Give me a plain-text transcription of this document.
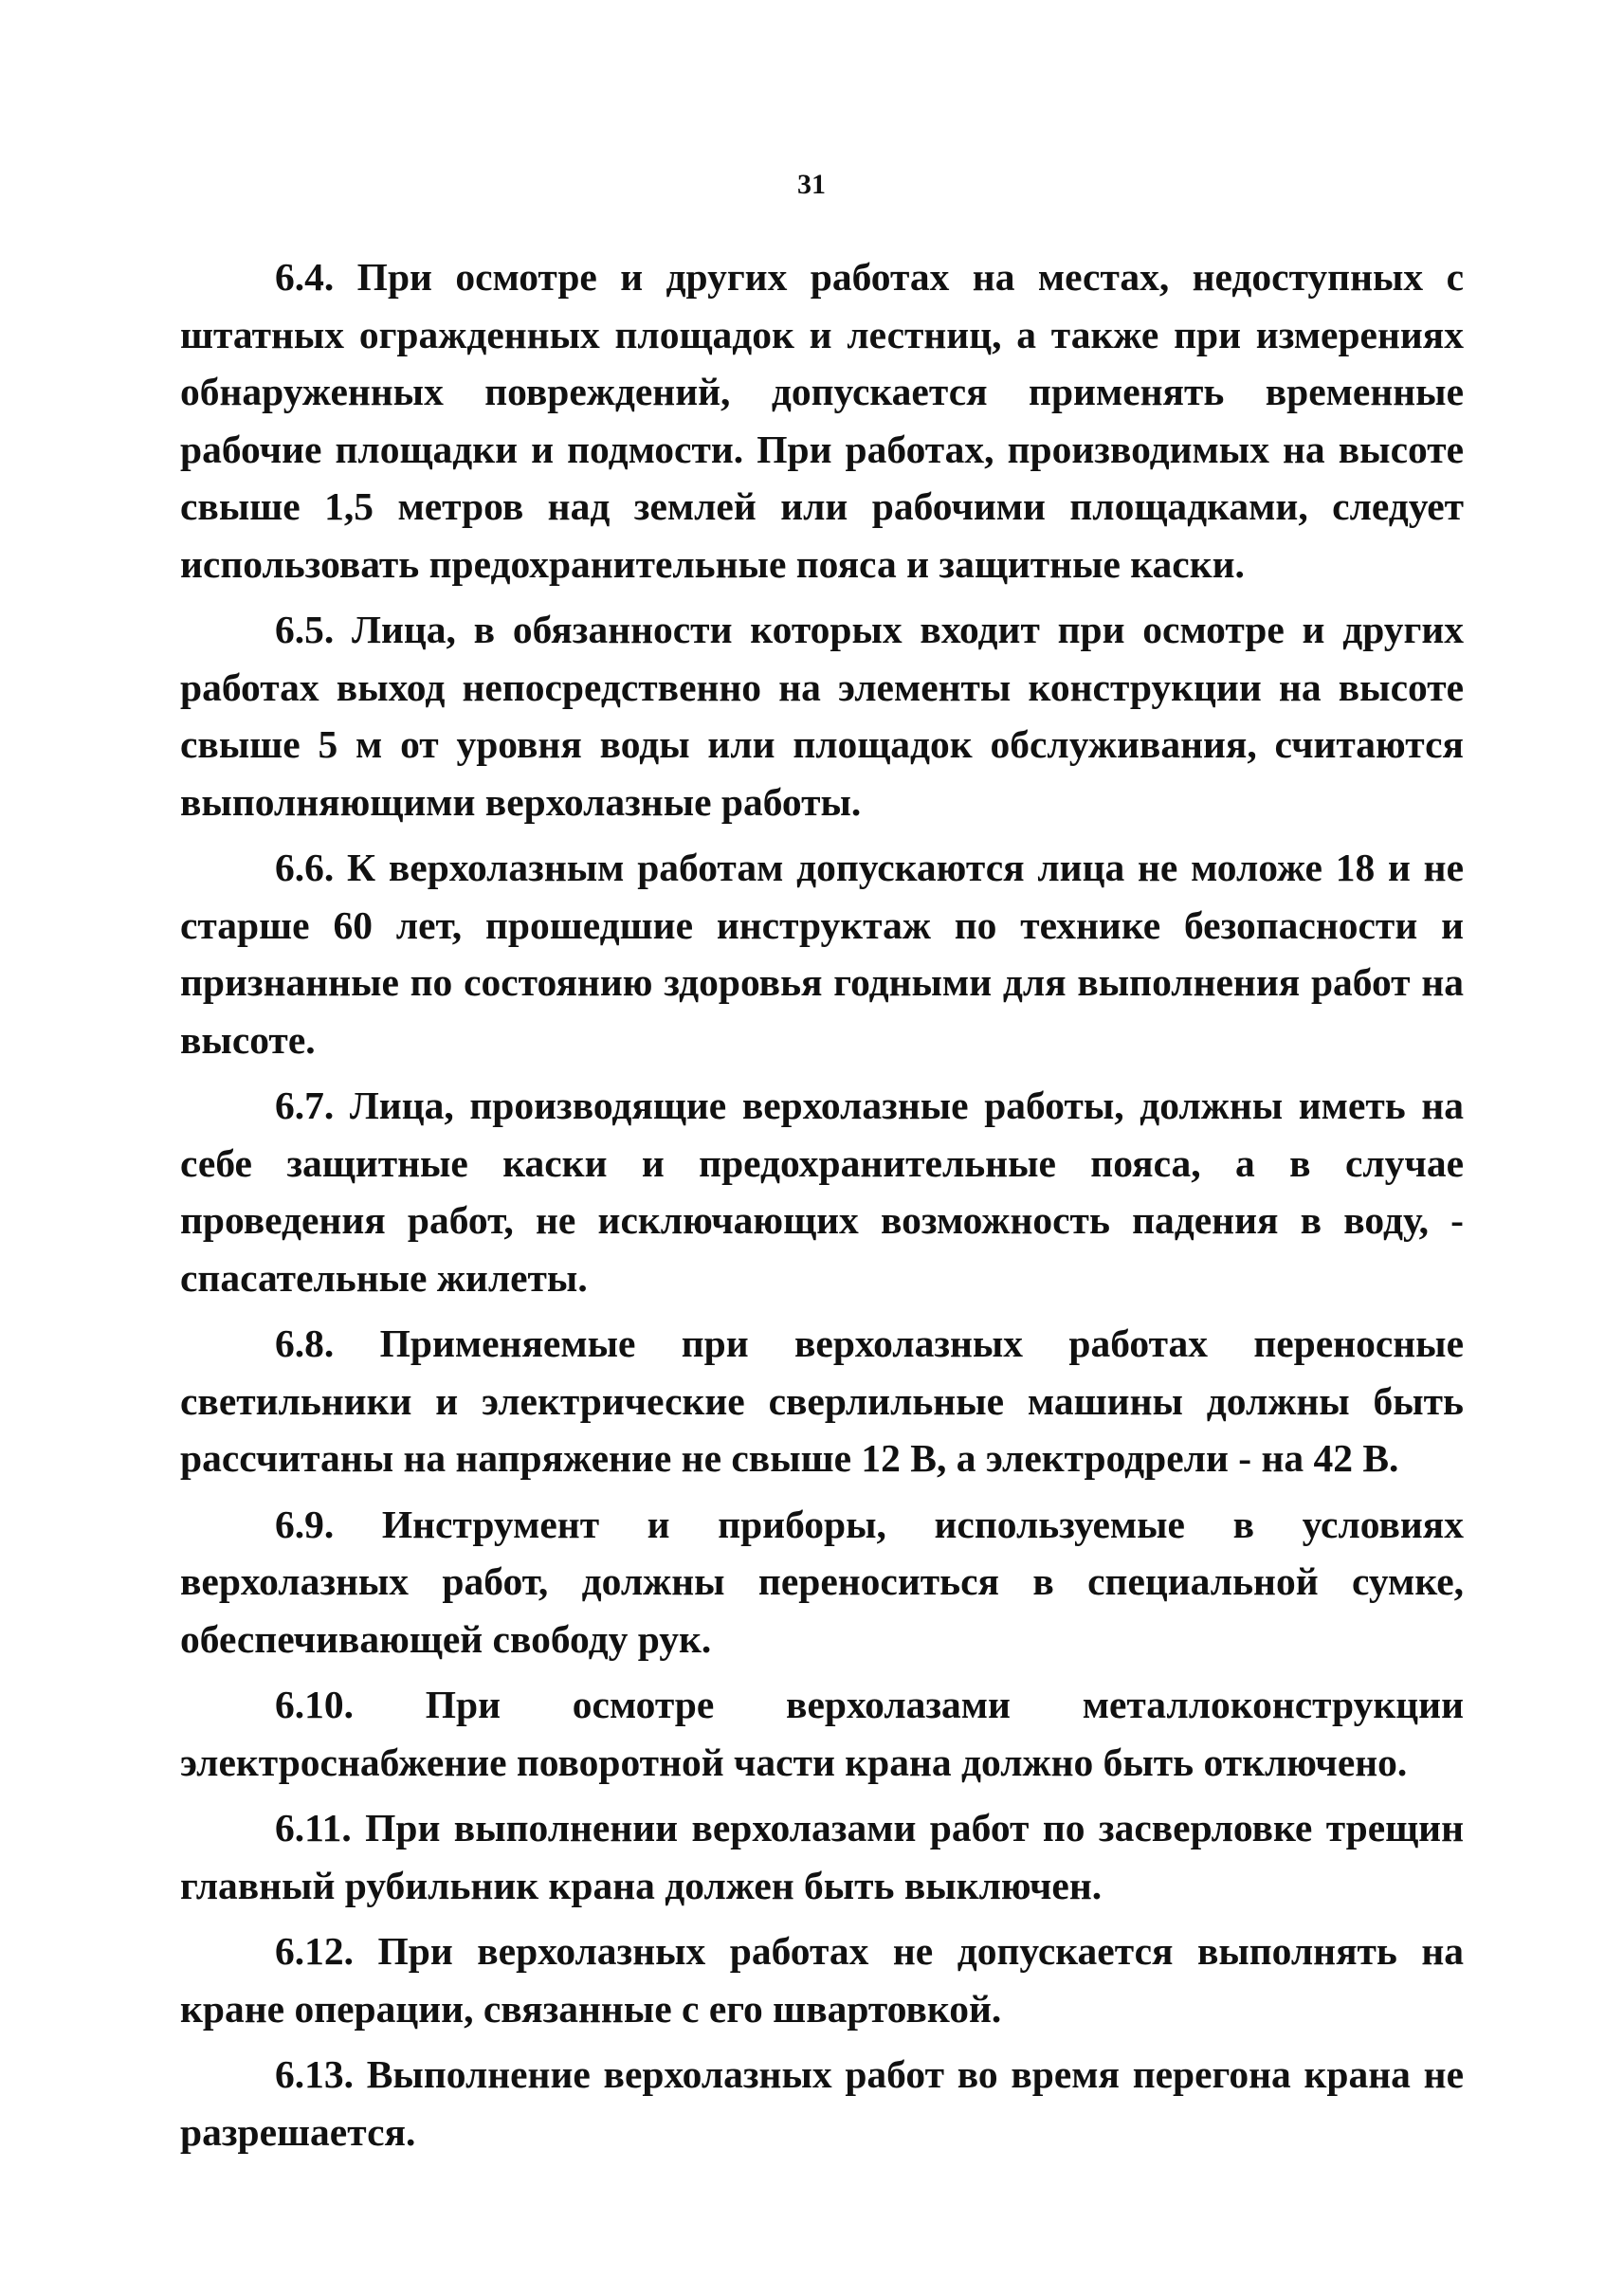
31

6.4. При осмотре и других работах на местах, недоступных с штатных огражденных площадок и лестниц, а также при измерениях обнаруженных повреждений, допускается применять временные рабочие площадки и подмости. При работах, производимых на высоте свыше 1,5 метров над землей или рабочими площадками, следует использовать предохранительные пояса и защитные каски.

6.5. Лица, в обязанности которых входит при осмотре и других работах выход непосредственно на элементы конструкции на высоте свыше 5 м от уровня воды или площадок обслуживания, считаются выполняющими верхолазные работы.

6.6. К верхолазным работам допускаются лица не моложе 18 и не старше 60 лет, прошедшие инструктаж по технике безопасности и признанные по состоянию здоровья годными для выполнения работ на высоте.

6.7. Лица, производящие верхолазные работы, должны иметь на себе защитные каски и предохранительные пояса, а в случае проведения работ, не исключающих возможность падения в воду, - спасательные жилеты.

6.8. Применяемые при верхолазных работах переносные светильники и электрические сверлильные машины должны быть рассчитаны на напряжение не свыше 12 В, а электродрели - на 42 В.

6.9. Инструмент и приборы, используемые в условиях верхолазных работ, должны переноситься в специальной сумке, обеспечивающей свободу рук.

6.10. При осмотре верхолазами металлоконструкции электроснабжение поворотной части крана должно быть отключено.

6.11. При выполнении верхолазами работ по засверловке трещин главный рубильник крана должен быть выключен.

6.12. При верхолазных работах не допускается выполнять на кране операции, связанные с его швартовкой.

6.13. Выполнение верхолазных работ во время перегона крана не разрешается.
